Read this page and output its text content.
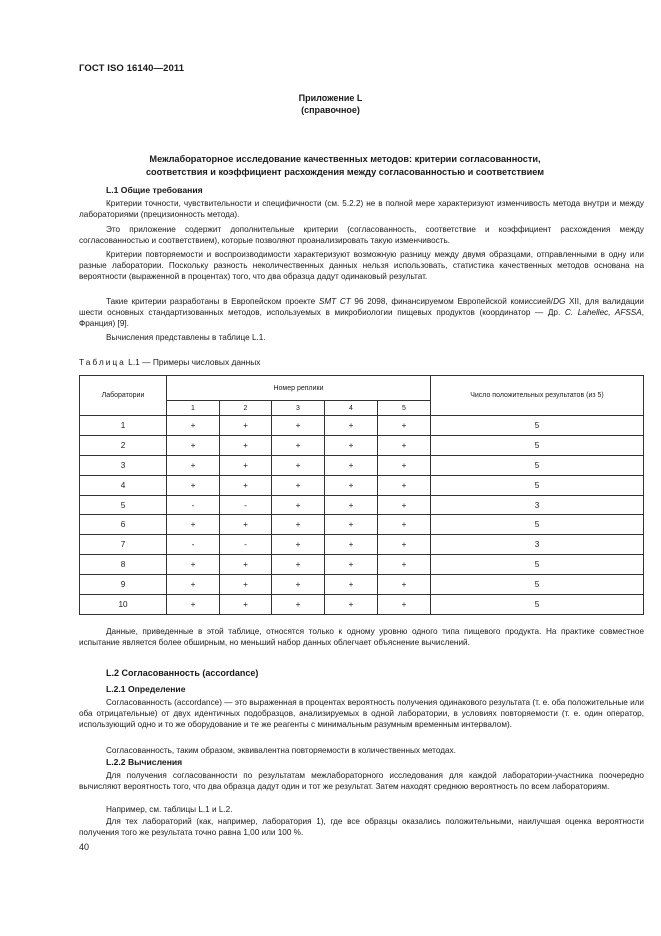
ГОСТ ISO 16140—2011
Приложение L
(справочное)
Межлабораторное исследование качественных методов: критерии согласованности,
соответствия и коэффициент расхождения между согласованностью и соответствием
L.1 Общие требования

Критерии точности, чувствительности и специфичности (см. 5.2.2) не в полной мере характеризуют изменчивость метода внутри и между лабораториями (прецизионность метода).

Это приложение содержит дополнительные критерии (согласованность, соответствие и коэффициент расхождения между согласованностью и соответствием), которые позволяют проанализировать такую изменчивость.

Критерии повторяемости и воспроизводимости характеризуют возможную разницу между двумя образцами, отправленными в одну или разные лаборатории. Поскольку разность неколичественных данных нельзя использовать, статистика качественных методов основана на вероятности (выраженной в процентах) того, что два образца дадут одинаковый результат.

Такие критерии разработаны в Европейском проекте SMT CT 96 2098, финансируемом Европейской комиссией/DG XII, для валидации шести основных стандартизованных методов, используемых в микробиологии пищевых продуктов (координатор — Др. C. Lahellec, AFSSA, Франция) [9].

Вычисления представлены в таблице L.1.

Таблица L.1 — Примеры числовых данных
Лаборатории	Номер реплики					Число положительных результатов (из 5)
	1	2	3	4	5	
1	+	+	+	+	+	5
2	+	+	+	+	+	5
3	+	+	+	+	+	5
4	+	+	+	+	+	5
5	-	-	+	+	+	3
6	+	+	+	+	+	5
7	-	-	+	+	+	3
8	+	+	+	+	+	5
9	+	+	+	+	+	5
10	+	+	+	+	+	5

Данные, приведенные в этой таблице, относятся только к одному уровню одного типа пищевого продукта. На практике совместное испытание является более обширным, но меньший набор данных облегчает объяснение вычислений.

L.2 Согласованность (accordance)
L.2.1 Определение

Согласованность (accordance) — это выраженная в процентах вероятность получения одинакового результата (т. е. оба положительные или оба отрицательные) от двух идентичных подобразцов, анализируемых в одной лаборатории, в условиях повторяемости (т. е. один оператор, использующий одно и то же оборудование и те же реагенты с минимальным разумным временным интервалом).

Согласованность, таким образом, эквивалентна повторяемости в количественных методах.

L.2.2 Вычисления

Для получения согласованности по результатам межлабораторного исследования для каждой лаборатории-участника поочередно вычисляют вероятность того, что два образца дадут один и тот же результат. Затем находят среднюю вероятность по всем лабораториям.

Например, см. таблицы L.1 и L.2.

Для тех лабораторий (как, например, лаборатория 1), где все образцы оказались положительными, наилучшая оценка вероятности получения того же результата точно равна 1,00 или 100 %.

40
